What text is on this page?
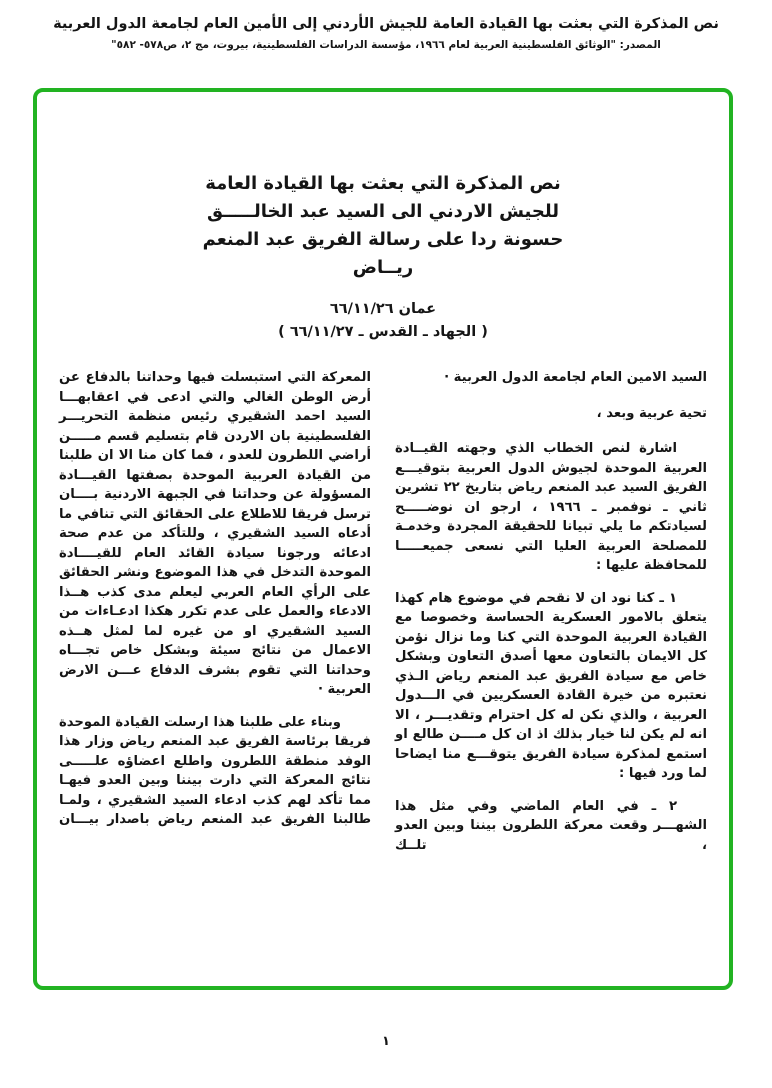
نص المذكرة التي بعثت بها القيادة العامة للجيش الأردني إلى الأمين العام لجامعة الدول العربية
المصدر: "الوثائق الفلسطينية العربية لعام ١٩٦٦، مؤسسة الدراسات الفلسطينية، بيروت، مج ٢، ص٥٧٨- ٥٨٢"
نص المذكرة التي بعثت بها القيادة العامة
للجيش الاردني الى السيد عبد الخالـــــق
حسونة ردا على رسالة الفريق عبد المنعم
ريــاض
عمان ٦٦/١١/٢٦
( الجهاد ـ القدس ـ ٦٦/١١/٢٧ )

السيد الامين العام لجامعة الدول العربية ·

تحية عربية وبعد ،

اشارة لنص الخطاب الذي وجهته القيــادة العربية الموحدة لجيوش الدول العربية بتوقيـــع الفريق السيد عبد المنعم رياض بتاريخ ٢٢ تشرين ثاني ـ نوفمبر ـ ١٩٦٦ ، ارجو ان نوضـــــح لسيادتكم ما يلي تبيانا للحقيقة المجردة وخدمـة للمصلحة العربية العليا التي نسعى جميعـــــا للمحافظة عليها :

١ ـ كنا نود ان لا نقحم في موضوع هام كهذا يتعلق بالامور العسكرية الحساسة وخصوصا مع القيادة العربية الموحدة التي كنا وما نزال نؤمن كل الايمان بالتعاون معها أصدق التعاون وبشكل خاص مع سيادة الفريق عبد المنعم رياض الـذي نعتبره من خيرة القادة العسكريين في الـــدول العربية ، والذي نكن له كل احترام وتقديـــر ، الا انه لم يكن لنا خيار بذلك اذ ان كل مــــن طالع او استمع لمذكرة سيادة الفريق يتوقـــع منا ايضاحا لما ورد فيها :

٢ ـ في العام الماضي وفي مثل هذا الشهـــر وقعت معركة اللطرون بيننا وبين العدو ، تلــك

المعركة التي استبسلت فيها وحداتنا بالدفاع عن أرض الوطن الغالي والتي ادعى في اعقابهـــا السيد احمد الشقيري رئيس منظمة التحريـــر الفلسطينية بان الاردن قام بتسليم قسم مـــــن أراضي اللطرون للعدو ، فما كان منا الا ان طلبنا من القيادة العربية الموحدة بصفتها القيـــادة المسؤولة عن وحداتنا في الجبهة الاردنية بــــان ترسل فريقا للاطلاع على الحقائق التي تنافي ما أدعاه السيد الشقيري ، وللتأكد من عدم صحة ادعائه ورجونا سيادة القائد العام للقيــــادة الموحدة التدخل في هذا الموضوع ونشر الحقائق على الرأي العام العربي ليعلم مدى كذب هــذا الادعاء والعمل على عدم تكرر هكذا ادعـاءات من السيد الشقيري او من غيره لما لمثل هــذه الاعمال من نتائج سيئة وبشكل خاص تجـــاه وحداتنا التي تقوم بشرف الدفاع عـــن الارض العربية ·

وبناء على طلبنا هذا ارسلت القيادة الموحدة فريقا برئاسة الفريق عبد المنعم رياض وزار هذا الوفد منطقة اللطرون واطلع اعضاؤه علـــــى نتائج المعركة التي دارت بيننا وبين العدو فيهـا مما تأكد لهم كذب ادعاء السيد الشقيري ، ولمـا طالبنا الفريق عبد المنعم رياض باصدار بيـــان

١
